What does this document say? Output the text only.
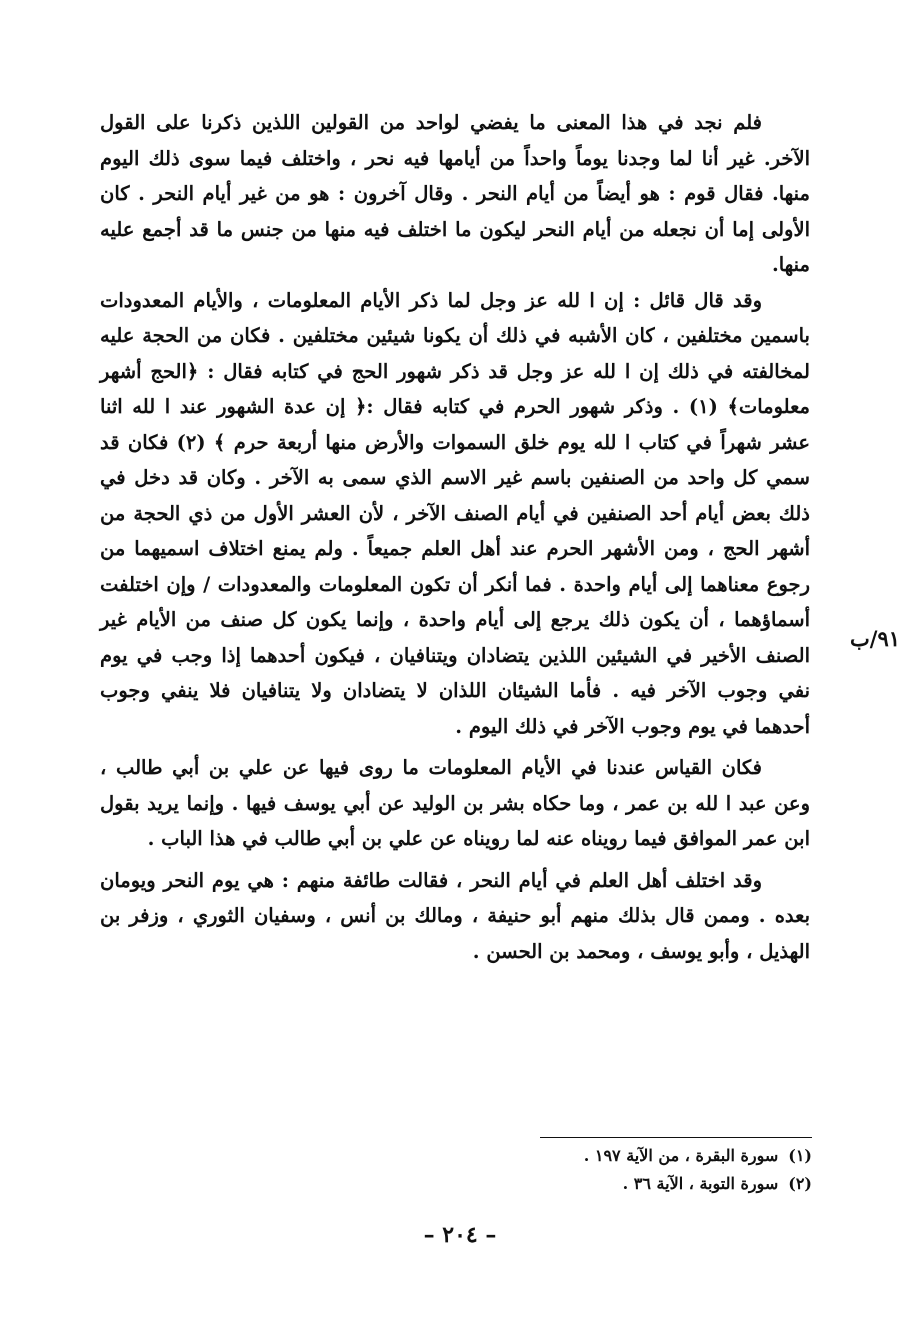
فلم نجد في هذا المعنى ما يفضي لواحد من القولين اللذين ذكرنا على القول الآخر. غير أنا لما وجدنا يوماً واحداً من أيامها فيه نحر ، واختلف فيما سوى ذلك اليوم منها. فقال قوم : هو أيضاً من أيام النحر . وقال آخرون : هو من غير أيام النحر . كان الأولى إما أن نجعله من أيام النحر ليكون ما اختلف فيه منها من جنس ما قد أجمع عليه منها.

وقد قال قائل : إن ا لله عز وجل لما ذكر الأيام المعلومات ، والأيام المعدودات باسمين مختلفين ، كان الأشبه في ذلك أن يكونا شيئين مختلفين . فكان من الحجة عليه لمخالفته في ذلك إن ا لله عز وجل قد ذكر شهور الحج في كتابه فقال : ﴿الحج أشهر معلومات﴾ (١) . وذكر شهور الحرم في كتابه فقال :﴿ إن عدة الشهور عند ا لله اثنا عشر شهراً في كتاب ا لله يوم خلق السموات والأرض منها أربعة حرم ﴾ (٢) فكان قد سمي كل واحد من الصنفين باسم غير الاسم الذي سمى به الآخر . وكان قد دخل في ذلك بعض أيام أحد الصنفين في أيام الصنف الآخر ، لأن العشر الأول من ذي الحجة من أشهر الحج ، ومن الأشهر الحرم عند أهل العلم جميعاً . ولم يمنع اختلاف اسميهما من رجوع معناهما إلى أيام واحدة . فما أنكر أن تكون المعلومات والمعدودات / وإن اختلفت أسماؤهما ، أن يكون ذلك يرجع إلى أيام واحدة ، وإنما يكون كل صنف من الأيام غير الصنف الأخير في الشيئين اللذين يتضادان ويتنافيان ، فيكون أحدهما إذا وجب في يوم نفي وجوب الآخر فيه . فأما الشيئان اللذان لا يتضادان ولا يتنافيان فلا ينفي وجوب أحدهما في يوم وجوب الآخر في ذلك اليوم .

فكان القياس عندنا في الأيام المعلومات ما روى فيها عن علي بن أبي طالب ، وعن عبد ا لله بن عمر ، وما حكاه بشر بن الوليد عن أبي يوسف فيها . وإنما يريد بقول ابن عمر الموافق فيما رويناه عنه لما رويناه عن علي بن أبي طالب في هذا الباب .

وقد اختلف أهل العلم في أيام النحر ، فقالت طائفة منهم : هي يوم النحر ويومان بعده . وممن قال بذلك منهم أبو حنيفة ، ومالك بن أنس ، وسفيان الثوري ، وزفر بن الهذيل ، وأبو يوسف ، ومحمد بن الحسن .

٩١/ب

(١)سورة البقرة ، من الآية ١٩٧ .

(٢)سورة التوبة ، الآية ٣٦ .

– ٢٠٤ –
